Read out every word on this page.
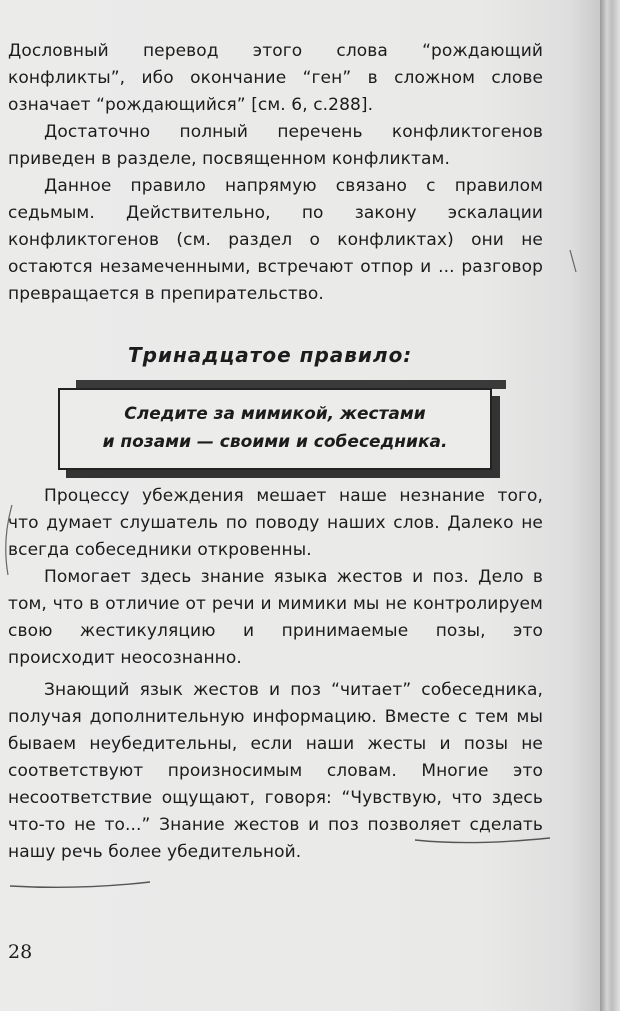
Дословный перевод этого слова “рождающий конфликты”, ибо окончание “ген” в сложном слове означает “рождающийся” [см. 6, с.288].

Достаточно полный перечень конфликтогенов приведен в разделе, посвященном конфликтам.

Данное правило напрямую связано с правилом седьмым. Действительно, по закону эскалации конфликтогенов (см. раздел о конфликтах) они не остаются незамеченными, встречают отпор и ... разговор превращается в препирательство.

Тринадцатое правило:

Следите за мимикой, жестами
и позами — своими и собеседника.

Процессу убеждения мешает наше незнание того, что думает слушатель по поводу наших слов. Далеко не всегда собеседники откровенны.

Помогает здесь знание языка жестов и поз. Дело в том, что в отличие от речи и мимики мы не контролируем свою жестикуляцию и принимаемые позы, это происходит неосознанно.

Знающий язык жестов и поз “читает” собеседника, получая дополнительную информацию. Вместе с тем мы бываем неубедительны, если наши жесты и позы не соответствуют произносимым словам. Многие это несоответствие ощущают, говоря: “Чувствую, что здесь что-то не то...” Знание жестов и поз позволяет сделать нашу речь более убедительной.

28
